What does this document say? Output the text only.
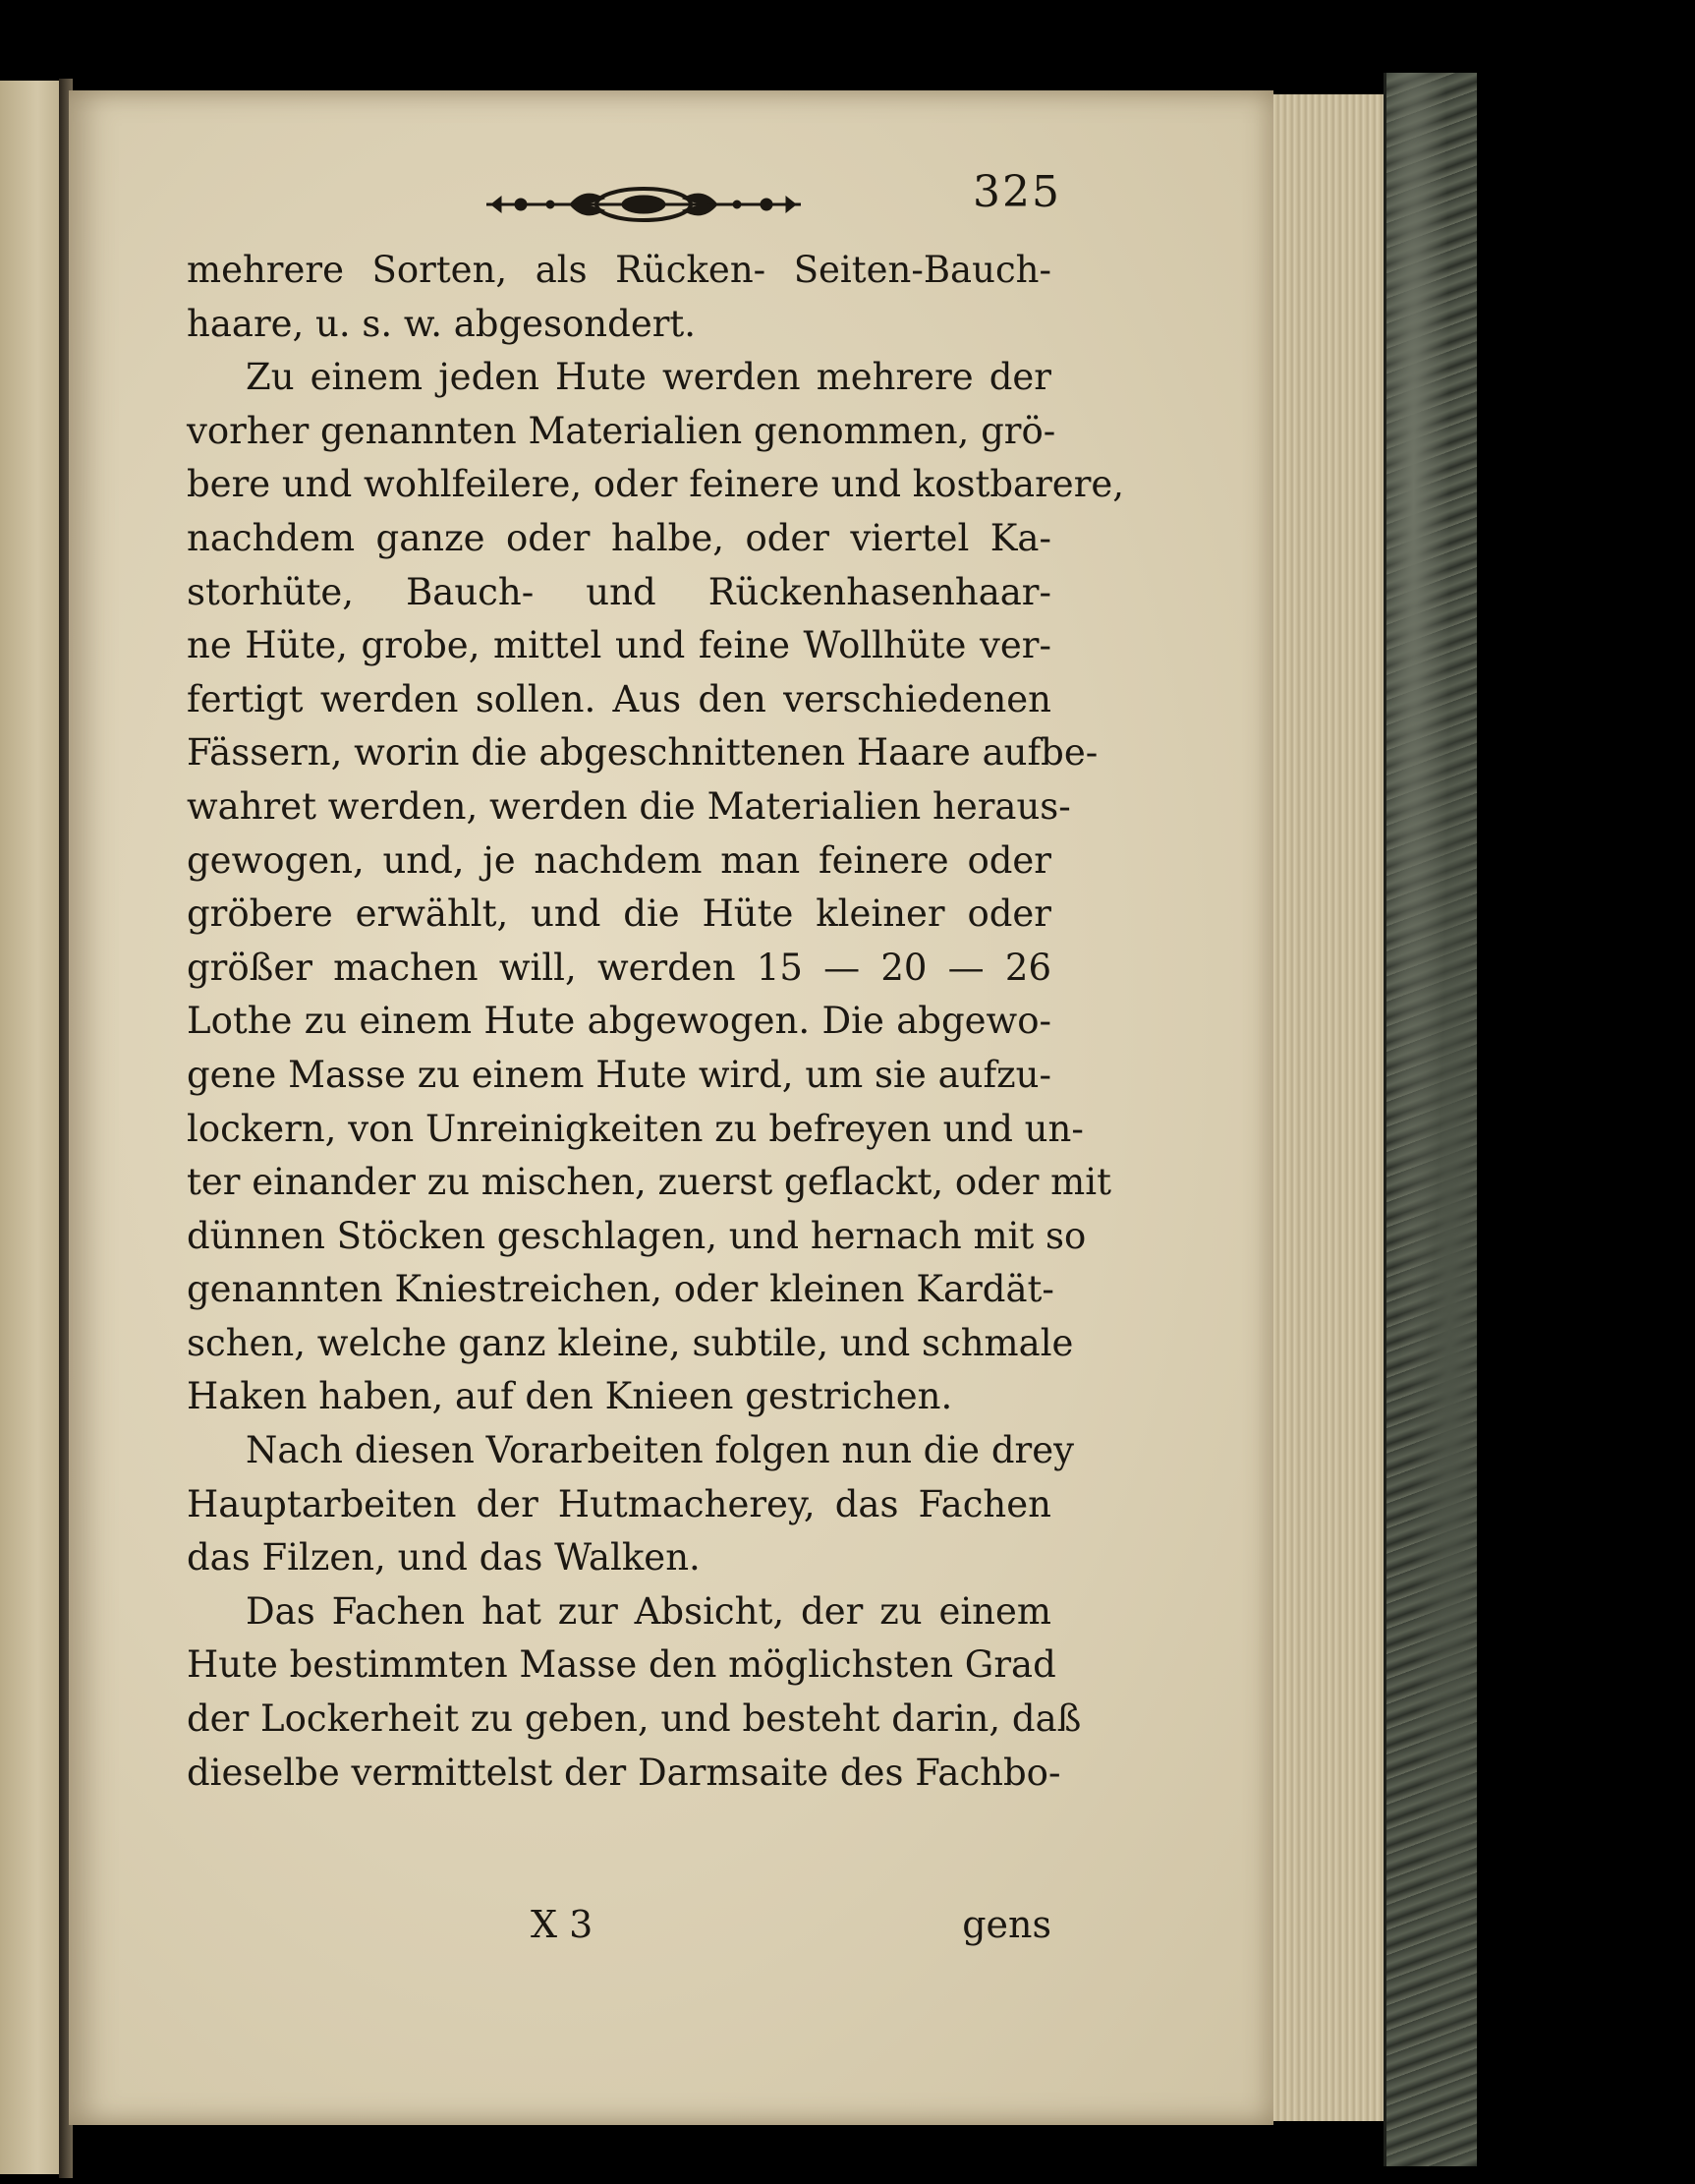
325
mehrere Sorten, als Rücken- Seiten-Bauch-
haare, u. s. w. abgesondert.
Zu einem jeden Hute werden mehrere der
vorher genannten Materialien genommen, grö-
bere und wohlfeilere, oder feinere und kostbarere,
nachdem ganze oder halbe, oder viertel Ka-
storhüte, Bauch- und Rückenhasenhaar-
ne Hüte, grobe, mittel und feine Wollhüte ver-
fertigt werden sollen. Aus den verschiedenen
Fässern, worin die abgeschnittenen Haare aufbe-
wahret werden, werden die Materialien heraus-
gewogen, und, je nachdem man feinere oder
gröbere erwählt, und die Hüte kleiner oder
größer machen will, werden 15 — 20 — 26
Lothe zu einem Hute abgewogen. Die abgewo-
gene Masse zu einem Hute wird, um sie aufzu-
lockern, von Unreinigkeiten zu befreyen und un-
ter einander zu mischen, zuerst geflackt, oder mit
dünnen Stöcken geschlagen, und hernach mit so
genannten Kniestreichen, oder kleinen Kardät-
schen, welche ganz kleine, subtile, und schmale
Haken haben, auf den Knieen gestrichen.
Nach diesen Vorarbeiten folgen nun die drey
Hauptarbeiten der Hutmacherey, das Fachen
das Filzen, und das Walken.
Das Fachen hat zur Absicht, der zu einem
Hute bestimmten Masse den möglichsten Grad
der Lockerheit zu geben, und besteht darin, daß
dieselbe vermittelst der Darmsaite des Fachbo-
X 3	gens
